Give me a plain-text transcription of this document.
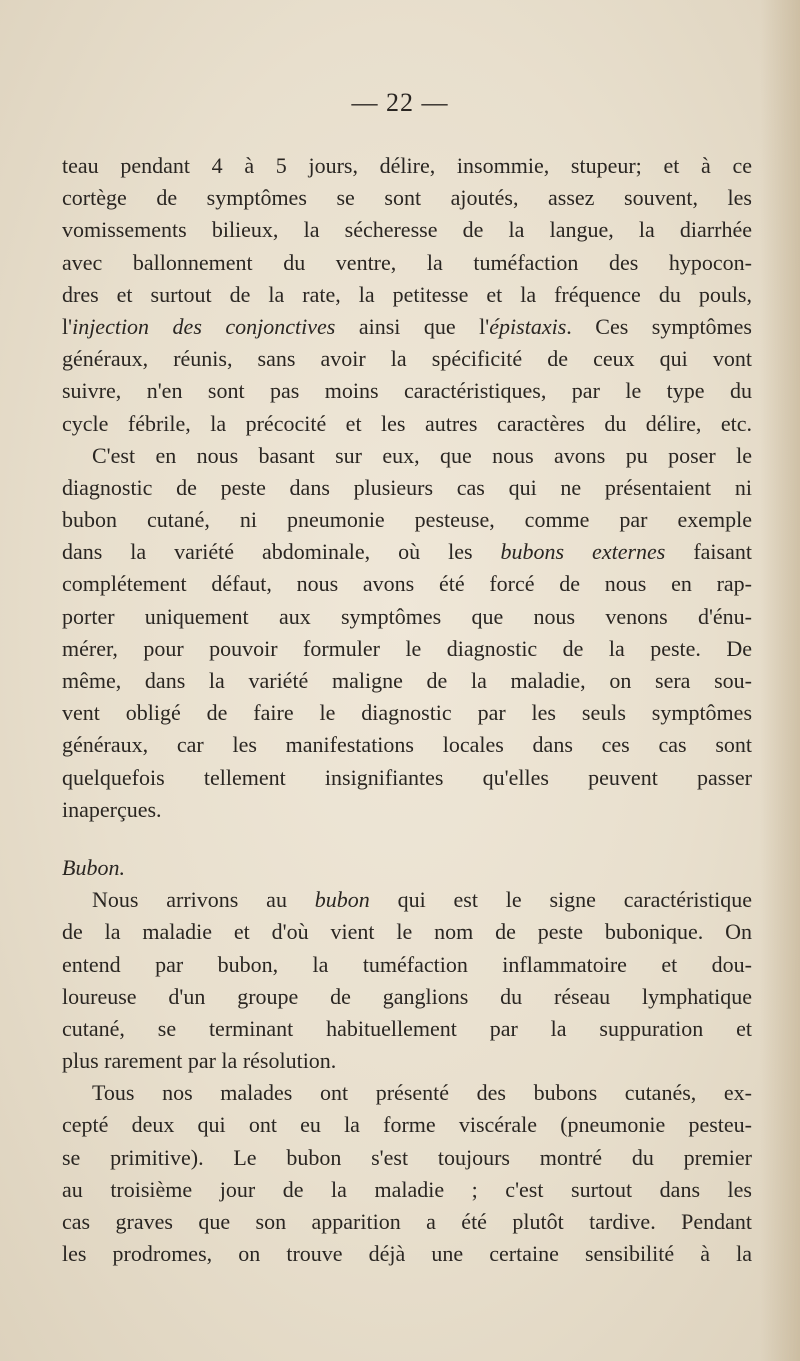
— 22 —
teau pendant 4 à 5 jours, délire, insommie, stupeur; et à ce
cortège de symptômes se sont ajoutés, assez souvent, les
vomissements bilieux, la sécheresse de la langue, la diarrhée
avec ballonnement du ventre, la tuméfaction des hypocon-
dres et surtout de la rate, la petitesse et la fréquence du pouls,
l'injection des conjonctives ainsi que l'épistaxis. Ces symptômes
généraux, réunis, sans avoir la spécificité de ceux qui vont
suivre, n'en sont pas moins caractéristiques, par le type du
cycle fébrile, la précocité et les autres caractères du délire, etc.
C'est en nous basant sur eux, que nous avons pu poser le
diagnostic de peste dans plusieurs cas qui ne présentaient ni
bubon cutané, ni pneumonie pesteuse, comme par exemple
dans la variété abdominale, où les bubons externes faisant
complétement défaut, nous avons été forcé de nous en rap-
porter uniquement aux symptômes que nous venons d'énu-
mérer, pour pouvoir formuler le diagnostic de la peste. De
même, dans la variété maligne de la maladie, on sera sou-
vent obligé de faire le diagnostic par les seuls symptômes
généraux, car les manifestations locales dans ces cas sont
quelquefois tellement insignifiantes qu'elles peuvent passer
inaperçues.
Bubon.
Nous arrivons au bubon qui est le signe caractéristique
de la maladie et d'où vient le nom de peste bubonique. On
entend par bubon, la tuméfaction inflammatoire et dou-
loureuse d'un groupe de ganglions du réseau lymphatique
cutané, se terminant habituellement par la suppuration et
plus rarement par la résolution.
Tous nos malades ont présenté des bubons cutanés, ex-
cepté deux qui ont eu la forme viscérale (pneumonie pesteu-
se primitive). Le bubon s'est toujours montré du premier
au troisième jour de la maladie ; c'est surtout dans les
cas graves que son apparition a été plutôt tardive. Pendant
les prodromes, on trouve déjà une certaine sensibilité à la
